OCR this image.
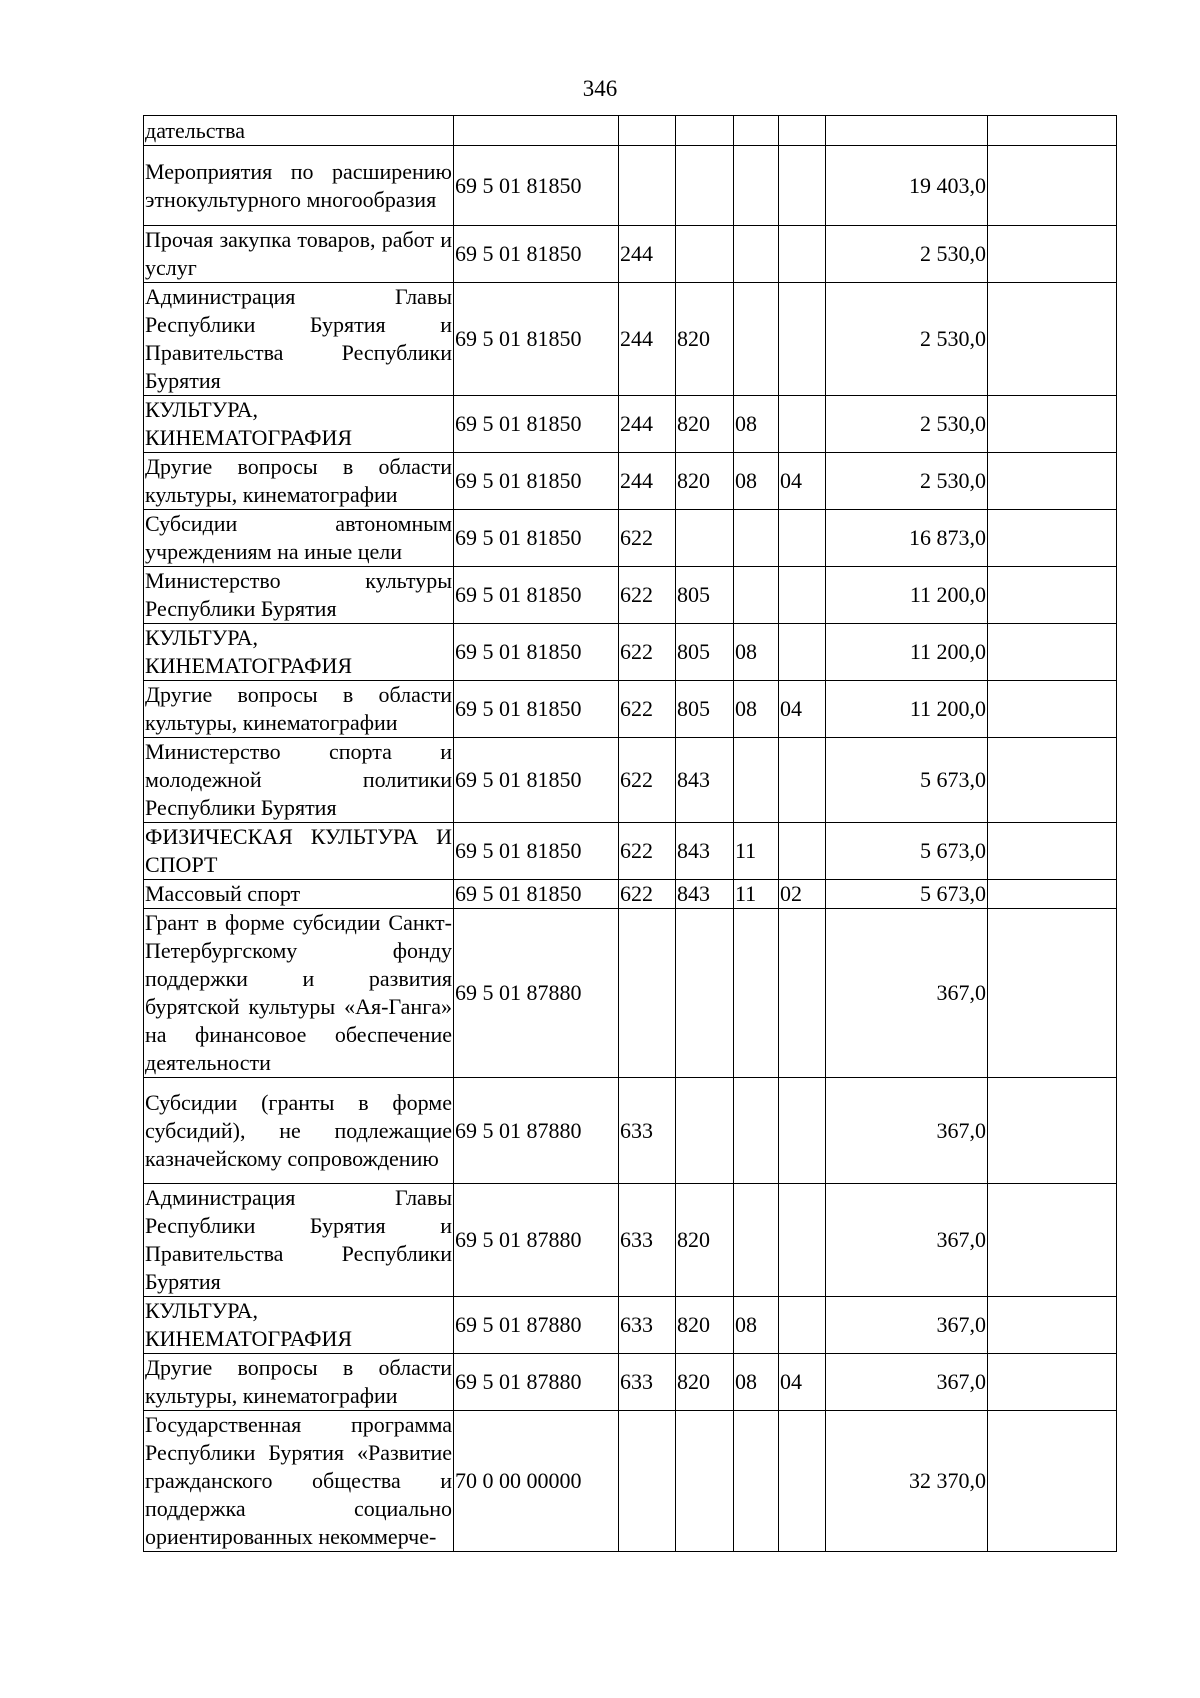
346
дательства							
Мероприятия по расширению этнокультурного многообразия	69 5 01 81850					19 403,0	
Прочая закупка товаров, работ и услуг	69 5 01 81850	244				2 530,0	
Администрация Главы Республики Бурятия и Правительства Республики Бурятия	69 5 01 81850	244	820			2 530,0	
КУЛЬТУРА, КИНЕМАТОГРАФИЯ	69 5 01 81850	244	820	08		2 530,0	
Другие вопросы в области культуры, кинематографии	69 5 01 81850	244	820	08	04	2 530,0	
Субсидии автономным учреждениям на иные цели	69 5 01 81850	622				16 873,0	
Министерство культуры Республики Бурятия	69 5 01 81850	622	805			11 200,0	
КУЛЬТУРА, КИНЕМАТОГРАФИЯ	69 5 01 81850	622	805	08		11 200,0	
Другие вопросы в области культуры, кинематографии	69 5 01 81850	622	805	08	04	11 200,0	
Министерство спорта и молодежной политики Республики Бурятия	69 5 01 81850	622	843			5 673,0	
ФИЗИЧЕСКАЯ КУЛЬТУРА И СПОРТ	69 5 01 81850	622	843	11		5 673,0	
Массовый спорт	69 5 01 81850	622	843	11	02	5 673,0	
Грант в форме субсидии Санкт-Петербургскому фонду поддержки и развития бурятской культуры «Ая-Ганга» на финансовое обеспечение деятельности	69 5 01 87880					367,0	
Субсидии (гранты в форме субсидий), не подлежащие казначейскому сопровождению	69 5 01 87880	633				367,0	
Администрация Главы Республики Бурятия и Правительства Республики Бурятия	69 5 01 87880	633	820			367,0	
КУЛЬТУРА, КИНЕМАТОГРАФИЯ	69 5 01 87880	633	820	08		367,0	
Другие вопросы в области культуры, кинематографии	69 5 01 87880	633	820	08	04	367,0	
Государственная программа Республики Бурятия «Развитие гражданского общества и поддержка социально ориентированных некоммерче-	70 0 00 00000					32 370,0	
